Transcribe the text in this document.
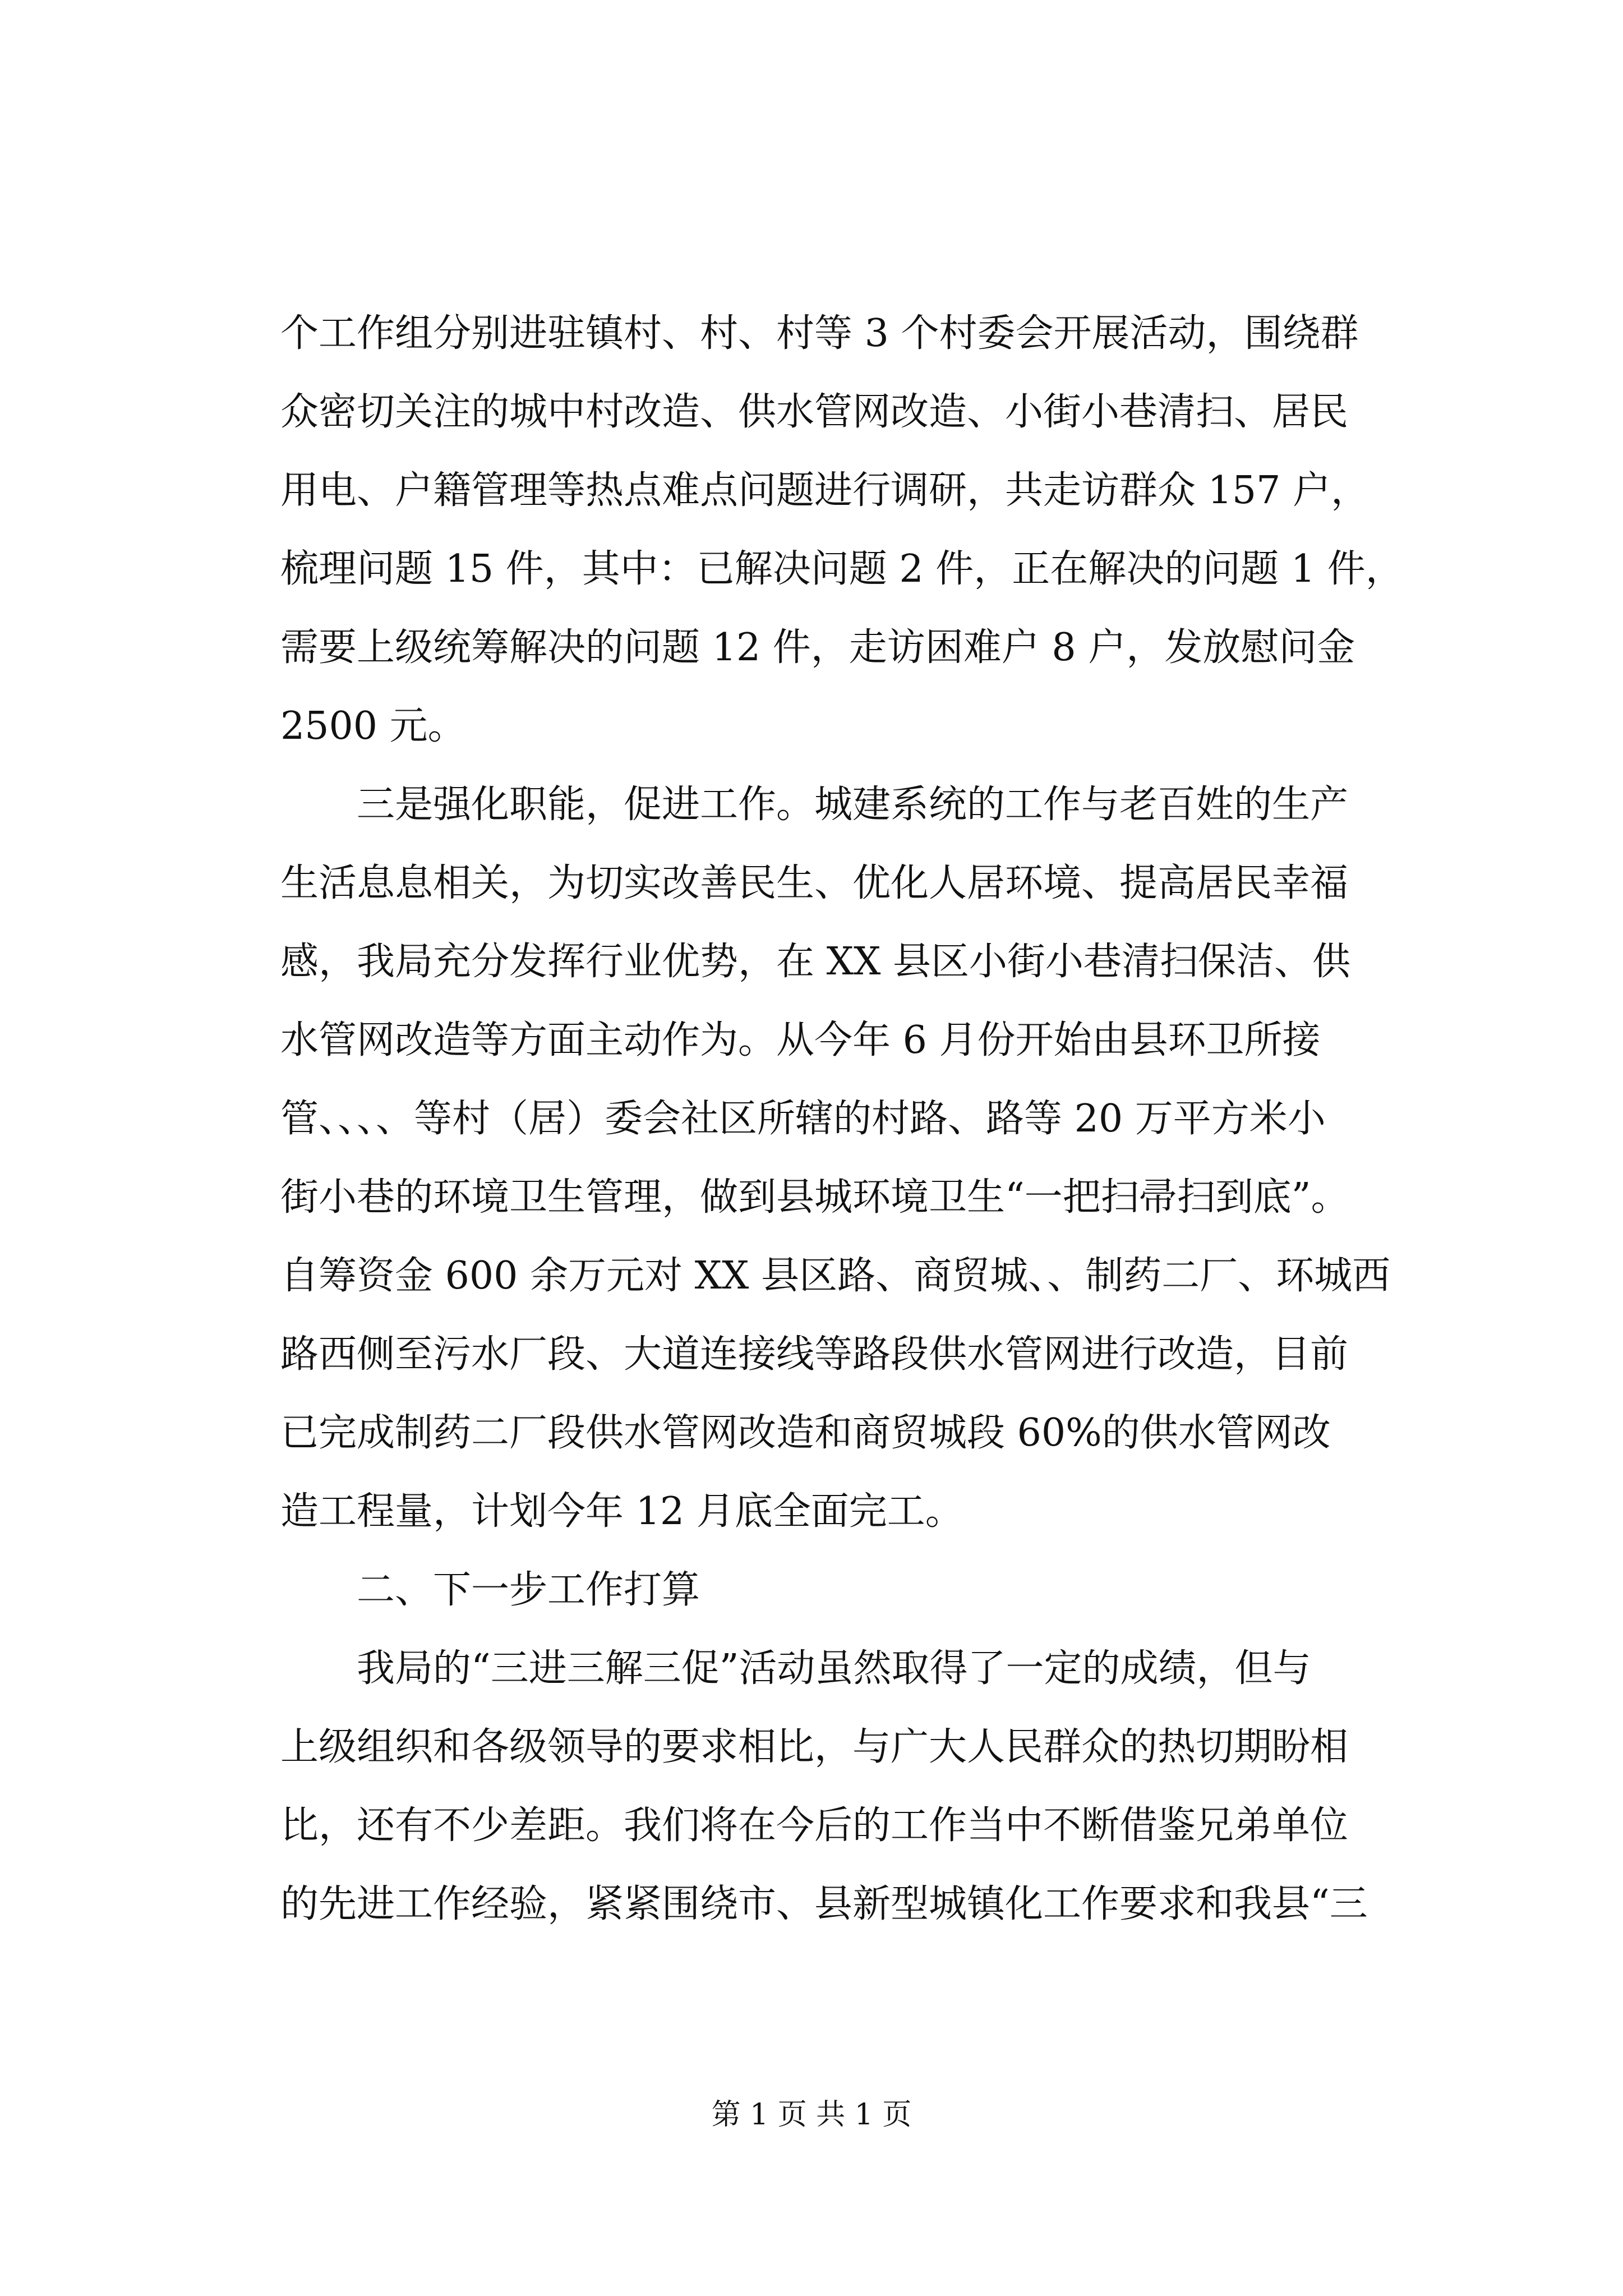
个工作组分别进驻镇村、村、村等 3 个村委会开展活动，围绕群
众密切关注的城中村改造、供水管网改造、小街小巷清扫、居民
用电、户籍管理等热点难点问题进行调研，共走访群众 157 户，
梳理问题 15 件，其中：已解决问题 2 件，正在解决的问题 1 件，
需要上级统筹解决的问题 12 件，走访困难户 8 户，发放慰问金
2500 元。
三是强化职能，促进工作。城建系统的工作与老百姓的生产
生活息息相关，为切实改善民生、优化人居环境、提高居民幸福
感，我局充分发挥行业优势，在 XX 县区小街小巷清扫保洁、供
水管网改造等方面主动作为。从今年 6 月份开始由县环卫所接
管、、、、等村（居）委会社区所辖的村路、路等 20 万平方米小
街小巷的环境卫生管理，做到县城环境卫生“一把扫帚扫到底”。
自筹资金 600 余万元对 XX 县区路、商贸城、、制药二厂、环城西
路西侧至污水厂段、大道连接线等路段供水管网进行改造，目前
已完成制药二厂段供水管网改造和商贸城段 60%的供水管网改
造工程量，计划今年 12 月底全面完工。
二、下一步工作打算
我局的“三进三解三促”活动虽然取得了一定的成绩，但与
上级组织和各级领导的要求相比，与广大人民群众的热切期盼相
比，还有不少差距。我们将在今后的工作当中不断借鉴兄弟单位
的先进工作经验，紧紧围绕市、县新型城镇化工作要求和我县“三
第 1 页 共 1 页
